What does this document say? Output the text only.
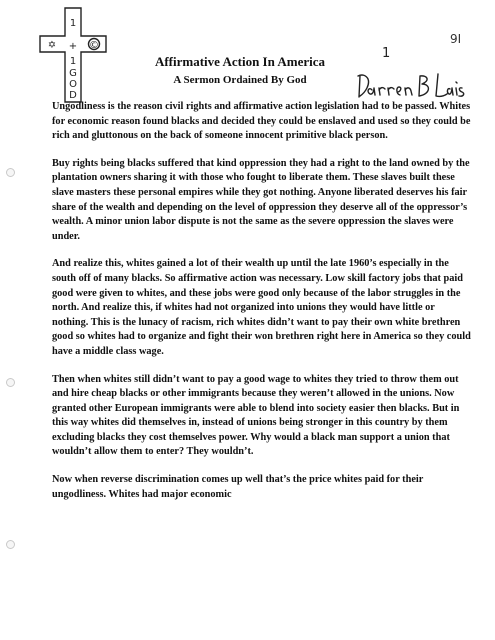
1
✡ + ©
1
G
O
D
Affirmative Action In America
A Sermon Ordained By God
1
9I

Ungodliness is the reason civil rights and affirmative action legislation had to be passed. Whites for economic reason found blacks and decided they could be enslaved and used so they could be rich and gluttonous on the back of someone innocent primitive black person.

Buy rights being blacks suffered that kind oppression they had a right to the land owned by the plantation owners sharing it with those who fought to liberate them. These slaves built these slave masters these personal empires while they got nothing. Anyone liberated deserves his fair share of the wealth and depending on the level of oppression they deserve all of the oppressor’s wealth. A minor union labor dispute is not the same as the severe oppression the slaves were under.

And realize this, whites gained a lot of their wealth up until the late 1960’s especially in the south off of many blacks. So affirmative action was necessary. Low skill factory jobs that paid good were given to whites, and these jobs were good only because of the labor struggles in the north. And realize this, if whites had not organized into unions they would have little or nothing. This is the lunacy of racism, rich whites didn’t want to pay their own white brethren good so whites had to organize and fight their won brethren right here in America so they could have a middle class wage.

Then when whites still didn’t want to pay a good wage to whites they tried to throw them out and hire cheap blacks or other immigrants because they weren’t allowed in the unions. Now granted other European immigrants were able to blend into society easier then blacks. But in this way whites did themselves in, instead of unions being stronger in this country by them excluding blacks they cost themselves power. Why would a black man support a union that wouldn’t allow them to enter? They wouldn’t.

Now when reverse discrimination comes up well that’s the price whites paid for their ungodliness. Whites had major economic
